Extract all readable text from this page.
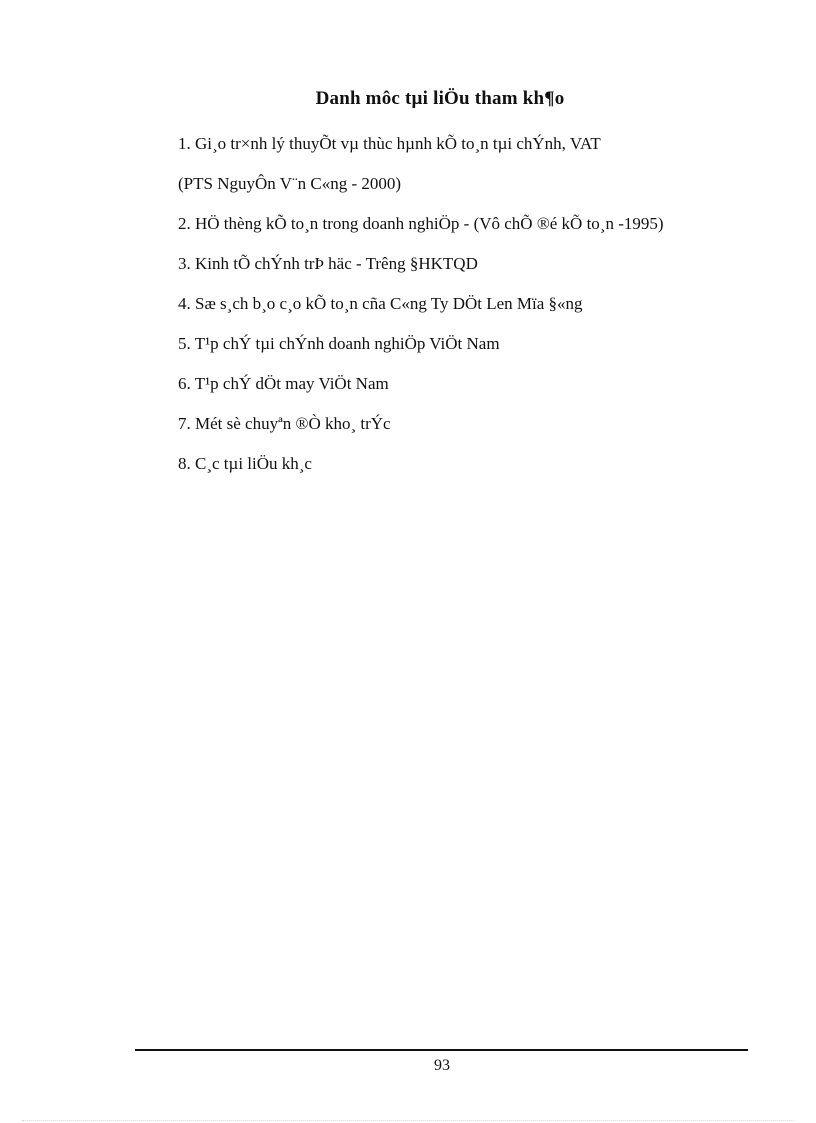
Danh môc tµi liÖu tham kh¶o
1. Gi¸o tr×nh lý thuyÕt vµ thùc hµnh kÕ to¸n tµi chÝnh, VAT
(PTS NguyÔn V¨n C«ng - 2000)
2. HÖ thèng kÕ to¸n trong doanh nghiÖp - (Vô chÕ ®é kÕ to¸n -1995)
3. Kinh tÕ chÝnh trÞ häc - Trêng §HKTQD
4. Sæ s¸ch b¸o c¸o kÕ to¸n cña C«ng Ty DÖt Len Mïa §«ng
5. T¹p chÝ tµi chÝnh doanh nghiÖp ViÖt Nam
6. T¹p chÝ dÖt may ViÖt Nam
7. Mét sè chuyªn ®Ò kho¸ trÝc
8. C¸c tµi liÖu kh¸c
93
